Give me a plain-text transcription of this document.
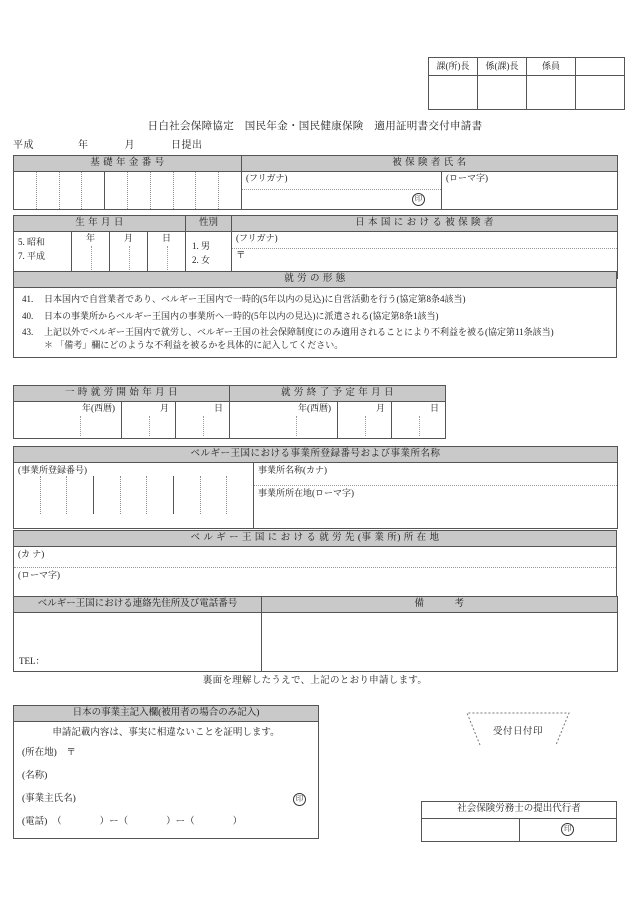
課(所)長	係(課)長	係員	

日白社会保障協定　国民年金・国民健康保険　適用証明書交付申請書
平成	年	月	日提出
基 礎 年 金 番 号	被 保 険 者 氏 名

	(フリガナ)
印
(ローマ字)
生 年 月 日				性別	日 本 国 に お け る 被 保 険 者

5. 昭和
7. 平成

年	月	日

1. 男
2. 女

(フリガナ)
〒
就 労 の 形 態

41.	日本国内で自営業者であり、ベルギー王国内で一時的(5年以内の見込)に自営活動を行う(協定第8条4該当)
40.	日本の事業所からベルギー王国内の事業所へ一時的(5年以内の見込)に派遣される(協定第8条1該当)
43.	上記以外でベルギー王国内で就労し、ベルギー王国の社会保障制度にのみ適用されることにより不利益を被る(協定第11条該当)
＊ 「備考」欄にどのような不利益を被るかを具体的に記入してください。
一 時 就 労 開 始 年 月 日			就 労 終 了 予 定 年 月 日			

年(西暦)	月	日	年(西暦)	月	日	

ベルギー王国における事業所登録番号および事業所名称

(事業所登録番号)	事業所名称(カナ)
事業所所在地(ローマ字)
ベ ル ギ ー 王 国 に お け る 就 労 先 (事 業 所) 所 在 地

(カ ナ)
(ローマ字)
ベルギー王国における連絡先住所及び電話番号	備　　　考

TEL：	

裏面を理解したうえで、上記のとおり申請します。
日本の事業主記入欄(被用者の場合のみ記入)

申請記載内容は、事実に相違ないことを証明します。
(所在地)　〒
(名称)
(事業主氏名)	印
(電話)　（　　　　）ー（　　　　）ー（　　　　）
受付日付印
社会保険労務士の提出代行者
	印
